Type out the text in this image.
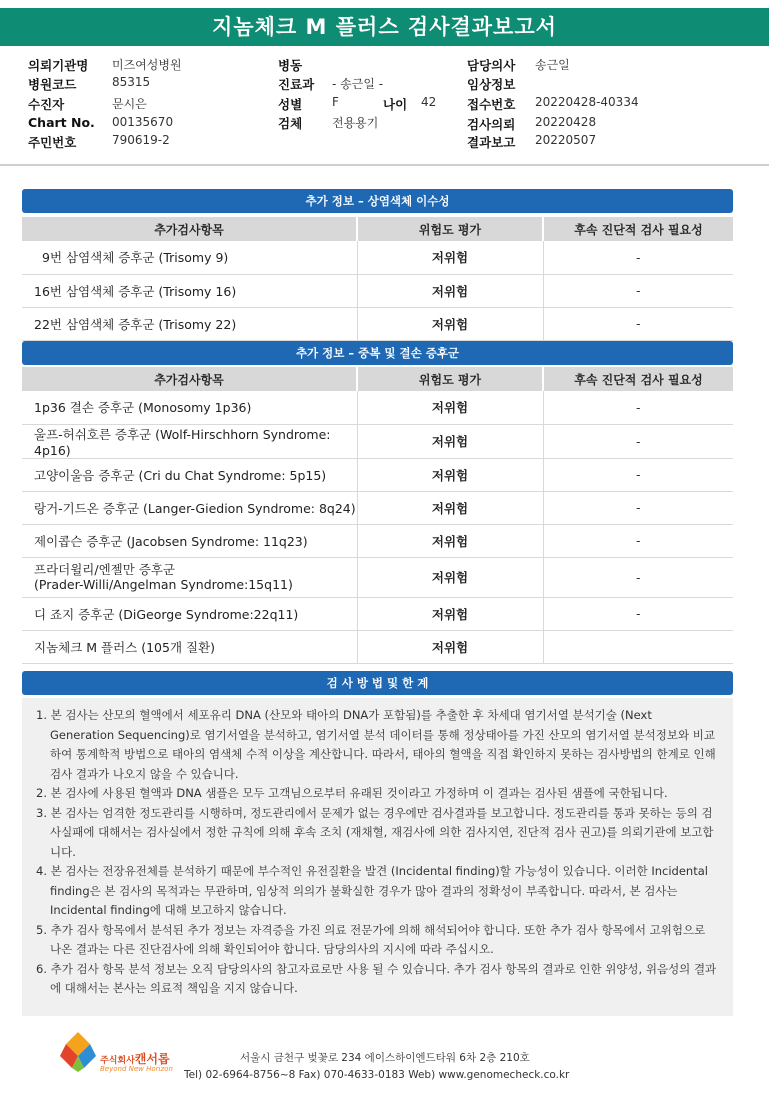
지놈체크 M 플러스 검사결과보고서
의뢰기관명 미즈여성병원
병원코드	85315
수진자	문시은
Chart No. 00135670
주민번호	790619-2
병동
진료과 - 송근일 -
성별 F	나이 42
검체 전용용기
담당의사 송근일
임상정보
접수번호 20220428-40334
검사의뢰 20220428
결과보고 20220507
추가 정보 – 상염색체 이수성
추가검사항목	위험도 평가	후속 진단적 검사 필요성
9번 삼염색체 증후군 (Trisomy 9)	저위험	-
16번 삼염색체 증후군 (Trisomy 16)	저위험	-
22번 삼염색체 증후군 (Trisomy 22)	저위험	-
추가 정보 – 중복 및 결손 증후군
추가검사항목	위험도 평가	후속 진단적 검사 필요성
1p36 결손 증후군 (Monosomy 1p36)	저위험	-
울프-허쉬호른 증후군 (Wolf-Hirschhorn Syndrome: 4p16)	저위험	-
고양이울음 증후군 (Cri du Chat Syndrome: 5p15)	저위험	-
랑거-기드온 증후군 (Langer-Giedion Syndrome: 8q24)	저위험	-
제이콥슨 증후군 (Jacobsen Syndrome: 11q23)	저위험	-
프라더윌리/엔젤만 증후군
(Prader-Willi/Angelman Syndrome:15q11)	저위험	-
디 죠지 증후군 (DiGeorge Syndrome:22q11)	저위험	-
지놈체크 M 플러스 (105개 질환)	저위험	
검 사 방 법 및 한 계
1. 본 검사는 산모의 혈액에서 세포유리 DNA (산모와 태아의 DNA가 포함됨)를 추출한 후 차세대 염기서열 분석기술 (Next Generation Sequencing)로 염기서열을 분석하고, 염기서열 분석 데이터를 통해 정상태아를 가진 산모의 염기서열 분석정보와 비교하여 통계학적 방법으로 태아의 염색체 수적 이상을 계산합니다. 따라서, 태아의 혈액을 직접 확인하지 못하는 검사방법의 한계로 인해 검사 결과가 나오지 않을 수 있습니다.
2. 본 검사에 사용된 혈액과 DNA 샘플은 모두 고객님으로부터 유래된 것이라고 가정하며 이 결과는 검사된 샘플에 국한됩니다.
3. 본 검사는 엄격한 정도관리를 시행하며, 정도관리에서 문제가 없는 경우에만 검사결과를 보고합니다. 정도관리를 통과 못하는 등의 검사실패에 대해서는 검사실에서 정한 규칙에 의해 후속 조치 (재채혈, 재검사에 의한 검사지연, 진단적 검사 권고)를 의뢰기관에 보고합니다.
4. 본 검사는 전장유전체를 분석하기 때문에 부수적인 유전질환을 발견 (Incidental finding)할 가능성이 있습니다. 이러한 Incidental finding은 본 검사의 목적과는 무관하며, 임상적 의의가 불확실한 경우가 많아 결과의 정확성이 부족합니다. 따라서, 본 검사는 Incidental finding에 대해 보고하지 않습니다.
5. 추가 검사 항목에서 분석된 추가 정보는 자격증을 가진 의료 전문가에 의해 해석되어야 합니다. 또한 추가 검사 항목에서 고위험으로 나온 결과는 다른 진단검사에 의해 확인되어야 합니다. 담당의사의 지시에 따라 주십시오.
6. 추가 검사 항목 분석 정보는 오직 담당의사의 참고자료로만 사용 될 수 있습니다. 추가 검사 항목의 결과로 인한 위양성, 위음성의 결과에 대해서는 본사는 의료적 책임을 지지 않습니다.
주식회사캔서롭
Beyond New Horizon
서울시 금천구 벚꽃로 234 에이스하이엔드타워 6차 2층 210호
Tel) 02-6964-8756~8 Fax) 070-4633-0183 Web) www.genomecheck.co.kr
